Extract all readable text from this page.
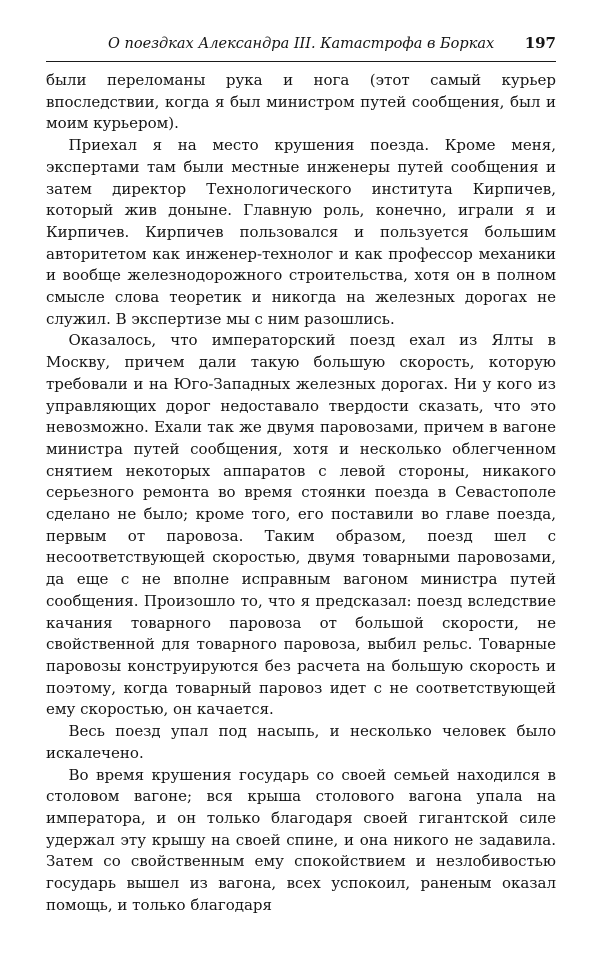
О поездках Александра III. Катастрофа в Борках 197

были переломаны рука и нога (этот самый курьер впоследствии, когда я был министром путей сообщения, был и моим курьером).

Приехал я на место крушения поезда. Кроме меня, экспертами там были местные инженеры путей сообщения и затем директор Технологического института Кирпичев, который жив доныне. Главную роль, конечно, играли я и Кирпичев. Кирпичев пользовался и пользуется большим авторитетом как инженер-технолог и как профессор механики и вообще железнодорожного строительства, хотя он в полном смысле слова теоретик и никогда на железных дорогах не служил. В экспертизе мы с ним разошлись.

Оказалось, что императорский поезд ехал из Ялты в Москву, причем дали такую большую скорость, которую требовали и на Юго-Западных железных дорогах. Ни у кого из управляющих дорог недоставало твердости сказать, что это невозможно. Ехали так же двумя паровозами, причем в вагоне министра путей сообщения, хотя и несколько облегченном снятием некоторых аппаратов с левой стороны, никакого серьезного ремонта во время стоянки поезда в Севастополе сделано не было; кроме того, его поставили во главе поезда, первым от паровоза. Таким образом, поезд шел с несоответствующей скоростью, двумя товарными паровозами, да еще с не вполне исправным вагоном министра путей сообщения. Произошло то, что я предсказал: поезд вследствие качания товарного паровоза от большой скорости, не свойственной для товарного паровоза, выбил рельс. Товарные паровозы конструируются без расчета на большую скорость и поэтому, когда товарный паровоз идет с не соответствующей ему скоростью, он качается.

Весь поезд упал под насыпь, и несколько человек было искалечено.

Во время крушения государь со своей семьей находился в столовом вагоне; вся крыша столового вагона упала на императора, и он только благодаря своей гигантской силе удержал эту крышу на своей спине, и она никого не задавила. Затем со свойственным ему спокойствием и незлобивостью государь вышел из вагона, всех успокоил, раненым оказал помощь, и только благодаря
